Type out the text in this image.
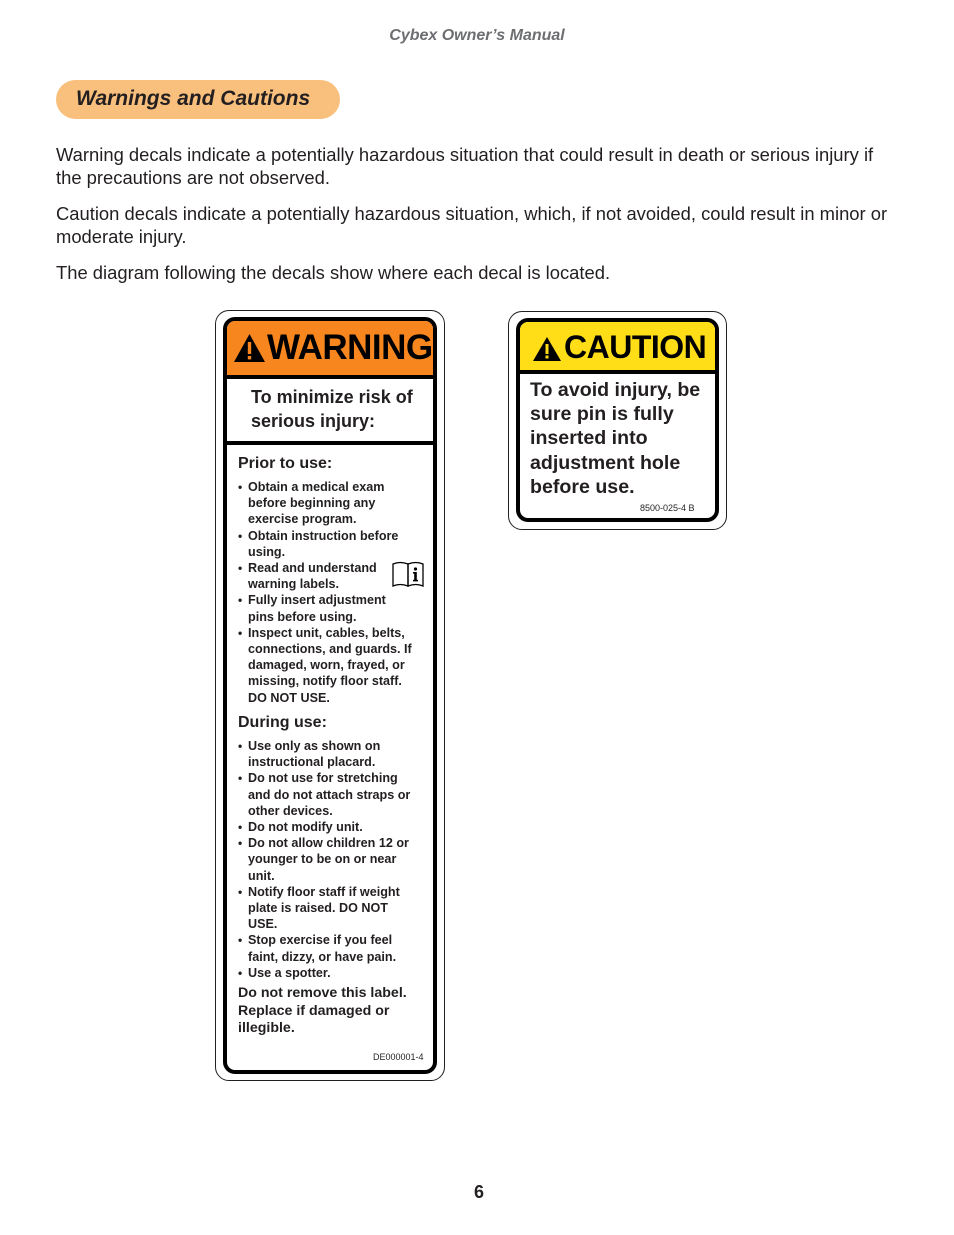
Cybex Owner’s Manual
Warnings and Cautions
Warning decals indicate a potentially hazardous situation that could result in death or serious injury if the precautions are not observed.
Caution decals indicate a potentially hazardous situation, which, if not avoided, could result in minor or moderate injury.
The diagram following the decals show where each decal is located.
WARNING
To minimize risk of serious injury:
Prior to use:
• Obtain a medical exam before beginning any exercise program.
• Obtain instruction before using.
• Read and understand warning labels.
• Fully insert adjustment pins before using.
• Inspect unit, cables, belts, connections, and guards. If damaged, worn, frayed, or missing, notify floor staff. DO NOT USE.
During use:
• Use only as shown on instructional placard.
• Do not use for stretching and do not attach straps or other devices.
• Do not modify unit.
• Do not allow children 12 or younger to be on or near unit.
• Notify floor staff if weight plate is raised. DO NOT USE.
• Stop exercise if you feel faint, dizzy, or have pain.
• Use a spotter.
Do not remove this label. Replace if damaged or illegible.
DE000001-4
CAUTION
To avoid injury, be sure pin is fully inserted into adjustment hole before use.
8500-025-4 B
6
